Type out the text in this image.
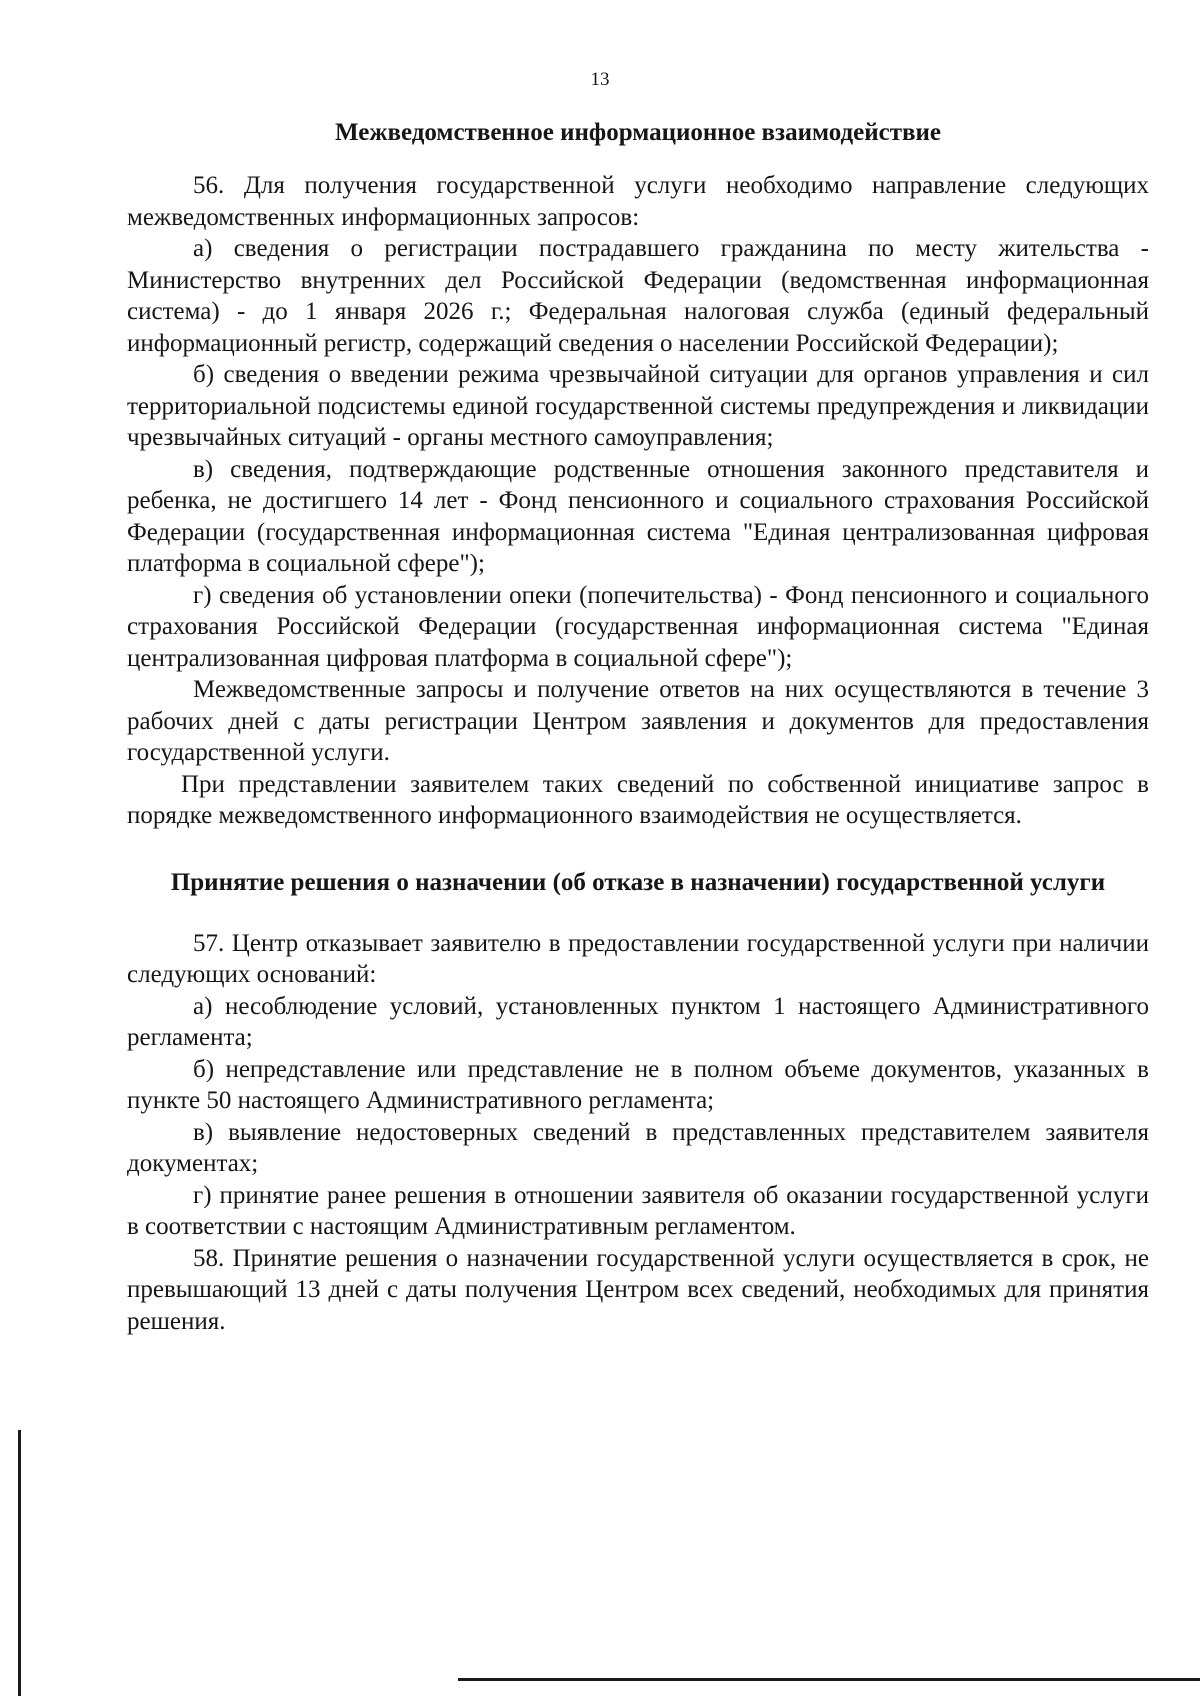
13
Межведомственное информационное взаимодействие

56. Для получения государственной услуги необходимо направление следующих межведомственных информационных запросов:

а) сведения о регистрации пострадавшего гражданина по месту жительства - Министерство внутренних дел Российской Федерации (ведомственная информационная система) - до 1 января 2026 г.; Федеральная налоговая служба (единый федеральный информационный регистр, содержащий сведения о населении Российской Федерации);

б) сведения о введении режима чрезвычайной ситуации для органов управления и сил территориальной подсистемы единой государственной системы предупреждения и ликвидации чрезвычайных ситуаций - органы местного самоуправления;

в) сведения, подтверждающие родственные отношения законного представителя и ребенка, не достигшего 14 лет - Фонд пенсионного и социального страхования Российской Федерации (государственная информационная система "Единая централизованная цифровая платформа в социальной сфере");

г) сведения об установлении опеки (попечительства) - Фонд пенсионного и социального страхования Российской Федерации (государственная информационная система "Единая централизованная цифровая платформа в социальной сфере");

Межведомственные запросы и получение ответов на них осуществляются в течение 3 рабочих дней с даты регистрации Центром заявления и документов для предоставления государственной услуги.

При представлении заявителем таких сведений по собственной инициативе запрос в порядке межведомственного информационного взаимодействия не осуществляется.

Принятие решения о назначении (об отказе в назначении) государственной услуги

57. Центр отказывает заявителю в предоставлении государственной услуги при наличии следующих оснований:

а) несоблюдение условий, установленных пунктом 1 настоящего Административного регламента;

б) непредставление или представление не в полном объеме документов, указанных в пункте 50 настоящего Административного регламента;

в) выявление недостоверных сведений в представленных представителем заявителя документах;

г) принятие ранее решения в отношении заявителя об оказании государственной услуги в соответствии с настоящим Административным регламентом.

58. Принятие решения о назначении государственной услуги осуществляется в срок, не превышающий 13 дней с даты получения Центром всех сведений, необходимых для принятия решения.
